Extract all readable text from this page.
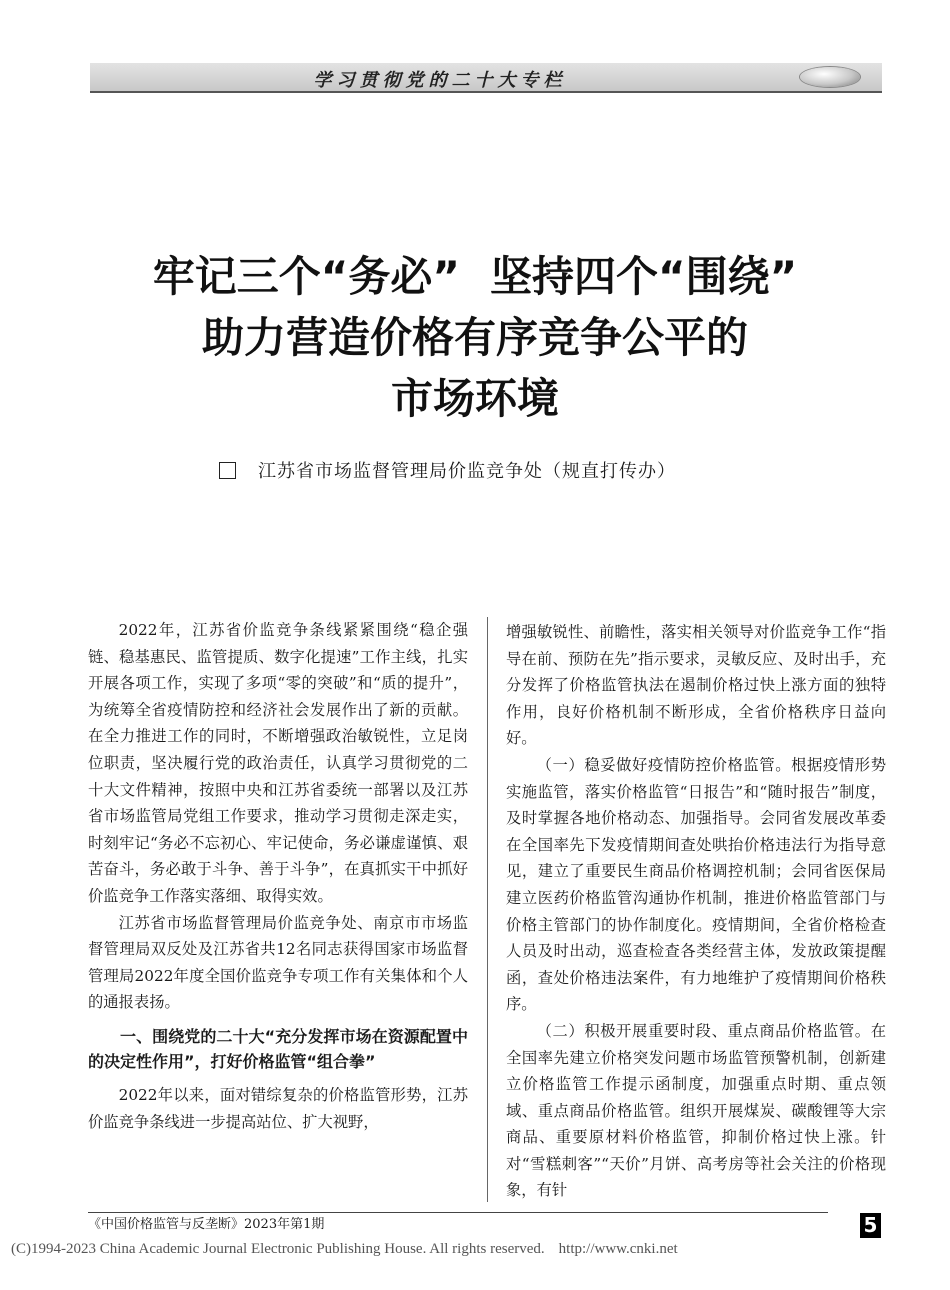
学习贯彻党的二十大专栏
牢记三个“务必” 坚持四个“围绕”
助力营造价格有序竞争公平的
市场环境
江苏省市场监督管理局价监竞争处（规直打传办）

2022年，江苏省价监竞争条线紧紧围绕“稳企强链、稳基惠民、监管提质、数字化提速”工作主线，扎实开展各项工作，实现了多项“零的突破”和“质的提升”，为统筹全省疫情防控和经济社会发展作出了新的贡献。在全力推进工作的同时，不断增强政治敏锐性，立足岗位职责，坚决履行党的政治责任，认真学习贯彻党的二十大文件精神，按照中央和江苏省委统一部署以及江苏省市场监管局党组工作要求，推动学习贯彻走深走实，时刻牢记“务必不忘初心、牢记使命，务必谦虚谨慎、艰苦奋斗，务必敢于斗争、善于斗争”，在真抓实干中抓好价监竞争工作落实落细、取得实效。

江苏省市场监督管理局价监竞争处、南京市市场监督管理局双反处及江苏省共12名同志获得国家市场监督管理局2022年度全国价监竞争专项工作有关集体和个人的通报表扬。

一、围绕党的二十大“充分发挥市场在资源配置中的决定性作用”，打好价格监管“组合拳”

2022年以来，面对错综复杂的价格监管形势，江苏价监竞争条线进一步提高站位、扩大视野，

增强敏锐性、前瞻性，落实相关领导对价监竞争工作“指导在前、预防在先”指示要求，灵敏反应、及时出手，充分发挥了价格监管执法在遏制价格过快上涨方面的独特作用，良好价格机制不断形成，全省价格秩序日益向好。

（一）稳妥做好疫情防控价格监管。根据疫情形势实施监管，落实价格监管“日报告”和“随时报告”制度，及时掌握各地价格动态、加强指导。会同省发展改革委在全国率先下发疫情期间查处哄抬价格违法行为指导意见，建立了重要民生商品价格调控机制；会同省医保局建立医药价格监管沟通协作机制，推进价格监管部门与价格主管部门的协作制度化。疫情期间，全省价格检查人员及时出动，巡查检查各类经营主体，发放政策提醒函，查处价格违法案件，有力地维护了疫情期间价格秩序。

（二）积极开展重要时段、重点商品价格监管。在全国率先建立价格突发问题市场监管预警机制，创新建立价格监管工作提示函制度，加强重点时期、重点领域、重点商品价格监管。组织开展煤炭、碳酸锂等大宗商品、重要原材料价格监管，抑制价格过快上涨。针对“雪糕刺客”“天价”月饼、高考房等社会关注的价格现象，有针

《中国价格监管与反垄断》2023年第1期	5
(C)1994-2023 China Academic Journal Electronic Publishing House. All rights reserved. http://www.cnki.net
